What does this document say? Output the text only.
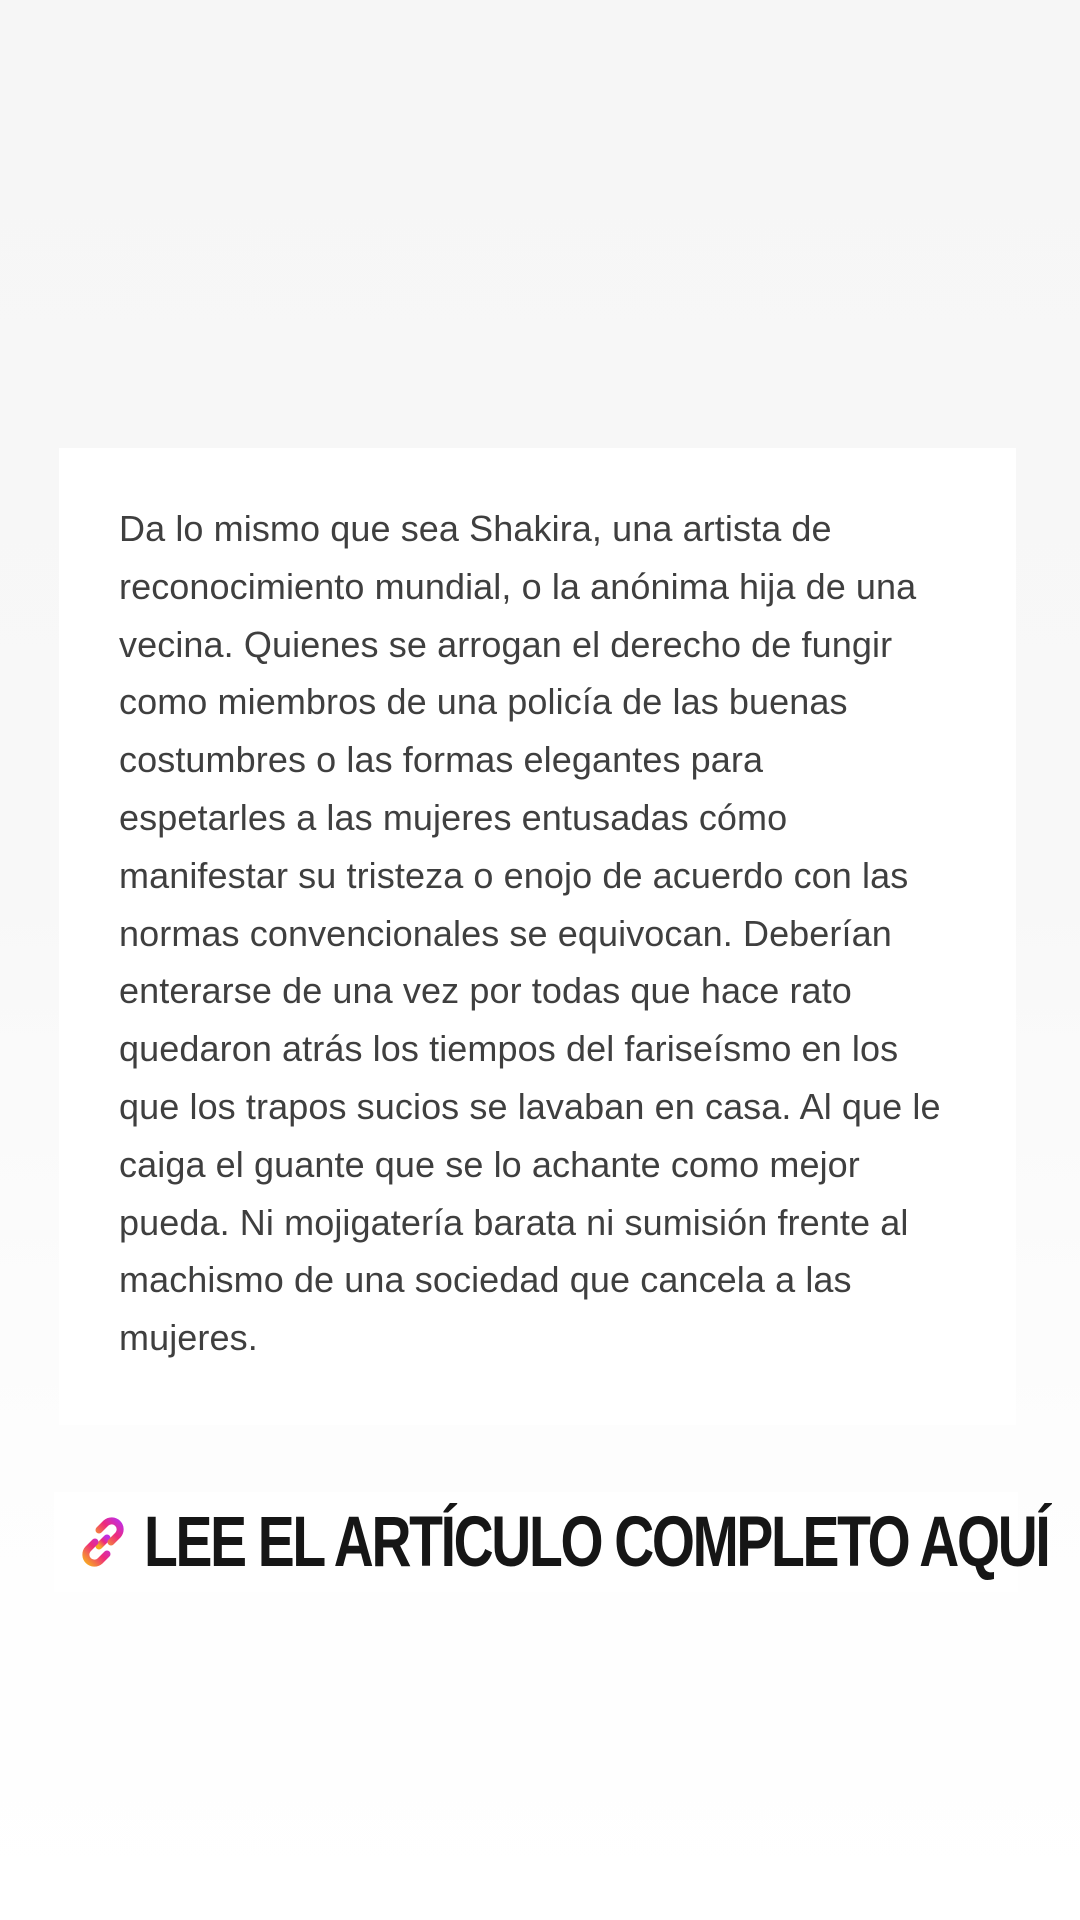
Da lo mismo que sea Shakira, una artista de
reconocimiento mundial, o la anónima hija de una
vecina. Quienes se arrogan el derecho de fungir
como miembros de una policía de las buenas
costumbres o las formas elegantes para
espetarles a las mujeres entusadas cómo
manifestar su tristeza o enojo de acuerdo con las
normas convencionales se equivocan. Deberían
enterarse de una vez por todas que hace rato
quedaron atrás los tiempos del fariseísmo en los
que los trapos sucios se lavaban en casa. Al que le
caiga el guante que se lo achante como mejor
pueda. Ni mojigatería barata ni sumisión frente al
machismo de una sociedad que cancela a las
mujeres.

LEE EL ARTÍCULO COMPLETO AQUÍ
